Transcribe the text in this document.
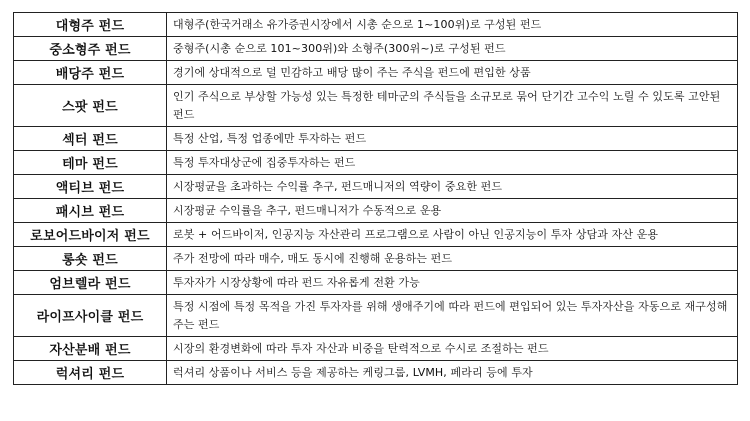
대형주 펀드	대형주(한국거래소 유가증권시장에서 시총 순으로 1~100위)로 구성된 펀드
중소형주 펀드	중형주(시총 순으로 101~300위)와 소형주(300위~)로 구성된 펀드
배당주 펀드	경기에 상대적으로 덜 민감하고 배당 많이 주는 주식을 펀드에 편입한 상품
스팟 펀드	인기 주식으로 부상할 가능성 있는 특정한 테마군의 주식들을 소규모로 묶어 단기간 고수익 노릴 수 있도록 고안된 펀드
섹터 펀드	특정 산업, 특정 업종에만 투자하는 펀드
테마 펀드	특정 투자대상군에 집중투자하는 펀드
액티브 펀드	시장평균을 초과하는 수익률 추구, 펀드매니저의 역량이 중요한 펀드
패시브 펀드	시장평균 수익률을 추구, 펀드매니저가 수동적으로 운용
로보어드바이저 펀드	로봇 + 어드바이저, 인공지능 자산관리 프로그램으로 사람이 아닌 인공지능이 투자 상담과 자산 운용
롱숏 펀드	주가 전망에 따라 매수, 매도 동시에 진행해 운용하는 펀드
엄브렐라 펀드	투자자가 시장상황에 따라 펀드 자유롭게 전환 가능
라이프사이클 펀드	특정 시점에 특정 목적을 가진 투자자를 위해 생애주기에 따라 펀드에 편입되어 있는 투자자산을 자동으로 재구성해주는 펀드
자산분배 펀드	시장의 환경변화에 따라 투자 자산과 비중을 탄력적으로 수시로 조절하는 펀드
럭셔리 펀드	럭셔리 상품이나 서비스 등을 제공하는 케링그룹, LVMH, 페라리 등에 투자
